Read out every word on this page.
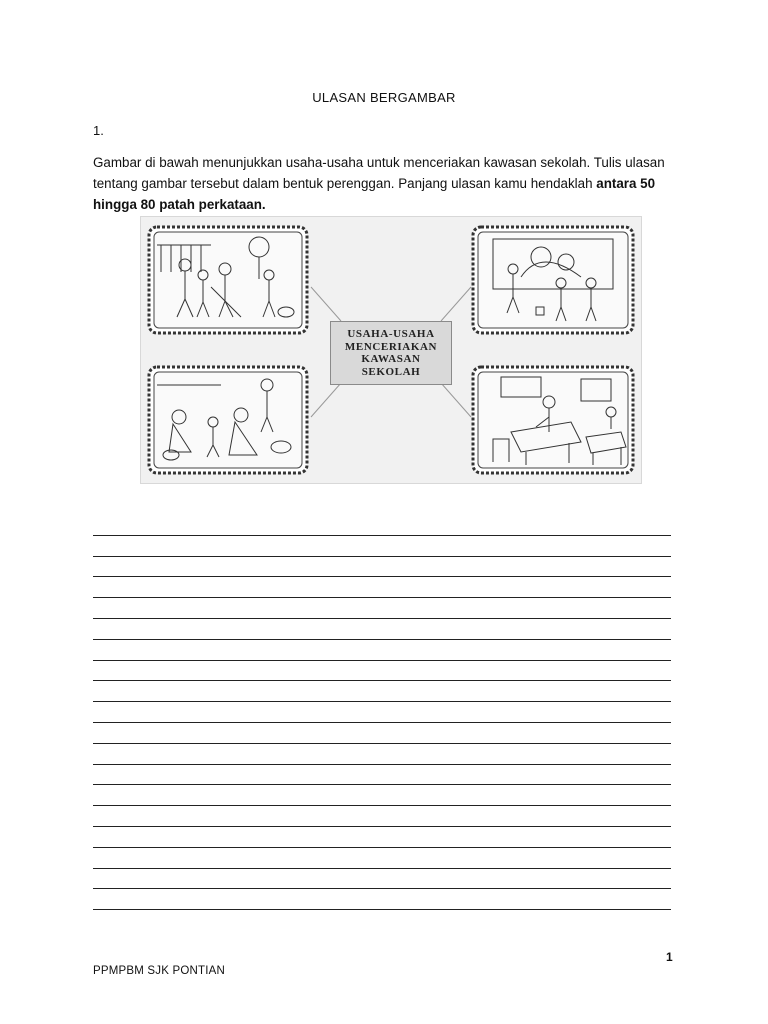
ULASAN BERGAMBAR
1.
Gambar di bawah menunjukkan usaha-usaha untuk menceriakan kawasan sekolah. Tulis ulasan tentang gambar tersebut dalam bentuk perenggan. Panjang ulasan kamu hendaklah antara 50 hingga 80 patah perkataan.
USAHA-USAHA MENCERIAKAN KAWASAN SEKOLAH
1
PPMPBM SJK PONTIAN
